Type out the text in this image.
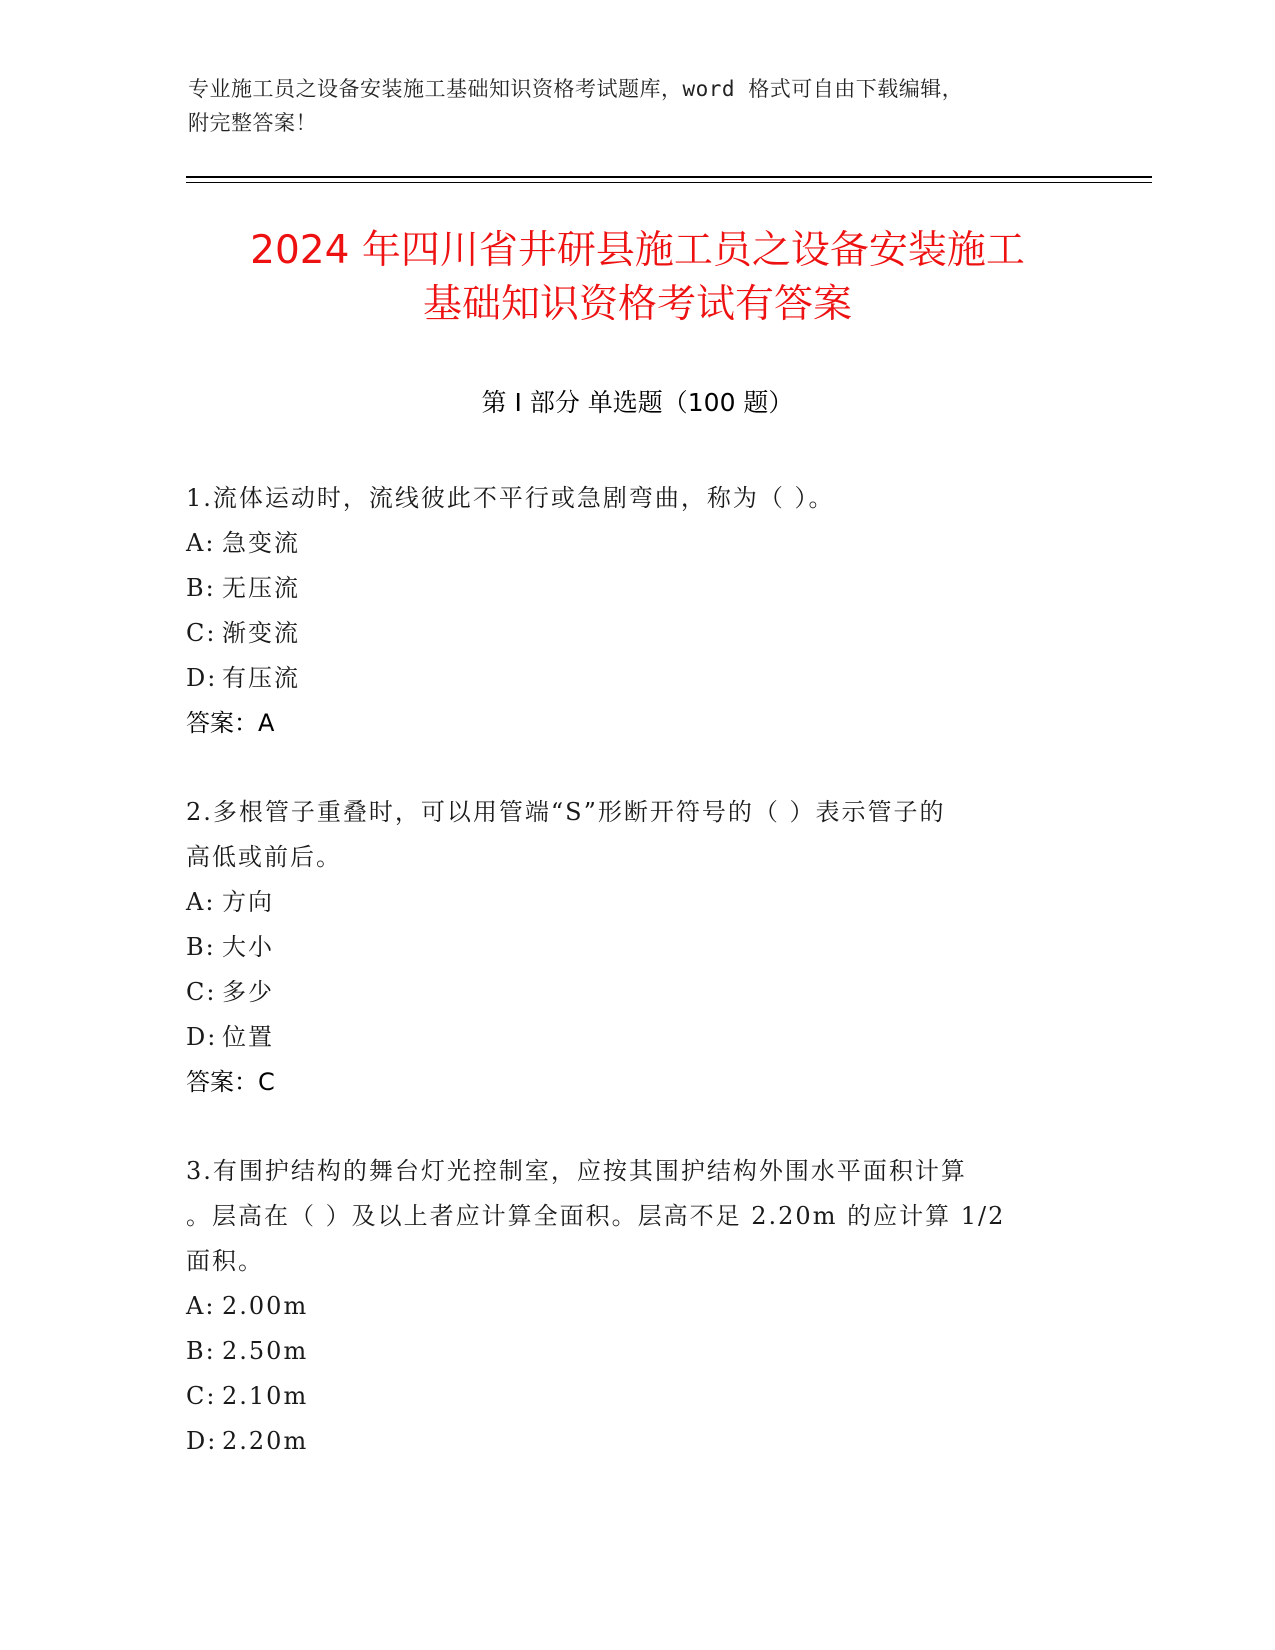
专业施工员之设备安装施工基础知识资格考试题库，word 格式可自由下载编辑，
附完整答案！
2024 年四川省井研县施工员之设备安装施工
基础知识资格考试有答案
第 I 部分 单选题（100 题）
1.流体运动时，流线彼此不平行或急剧弯曲，称为（ ）。
A: 急变流
B: 无压流
C: 渐变流
D: 有压流
答案：A
2.多根管子重叠时，可以用管端“S”形断开符号的（ ）表示管子的
高低或前后。
A: 方向
B: 大小
C: 多少
D: 位置
答案：C
3.有围护结构的舞台灯光控制室，应按其围护结构外围水平面积计算
。层高在（ ）及以上者应计算全面积。层高不足 2.20m 的应计算 1/2
面积。
A: 2.00m
B: 2.50m
C: 2.10m
D: 2.20m
